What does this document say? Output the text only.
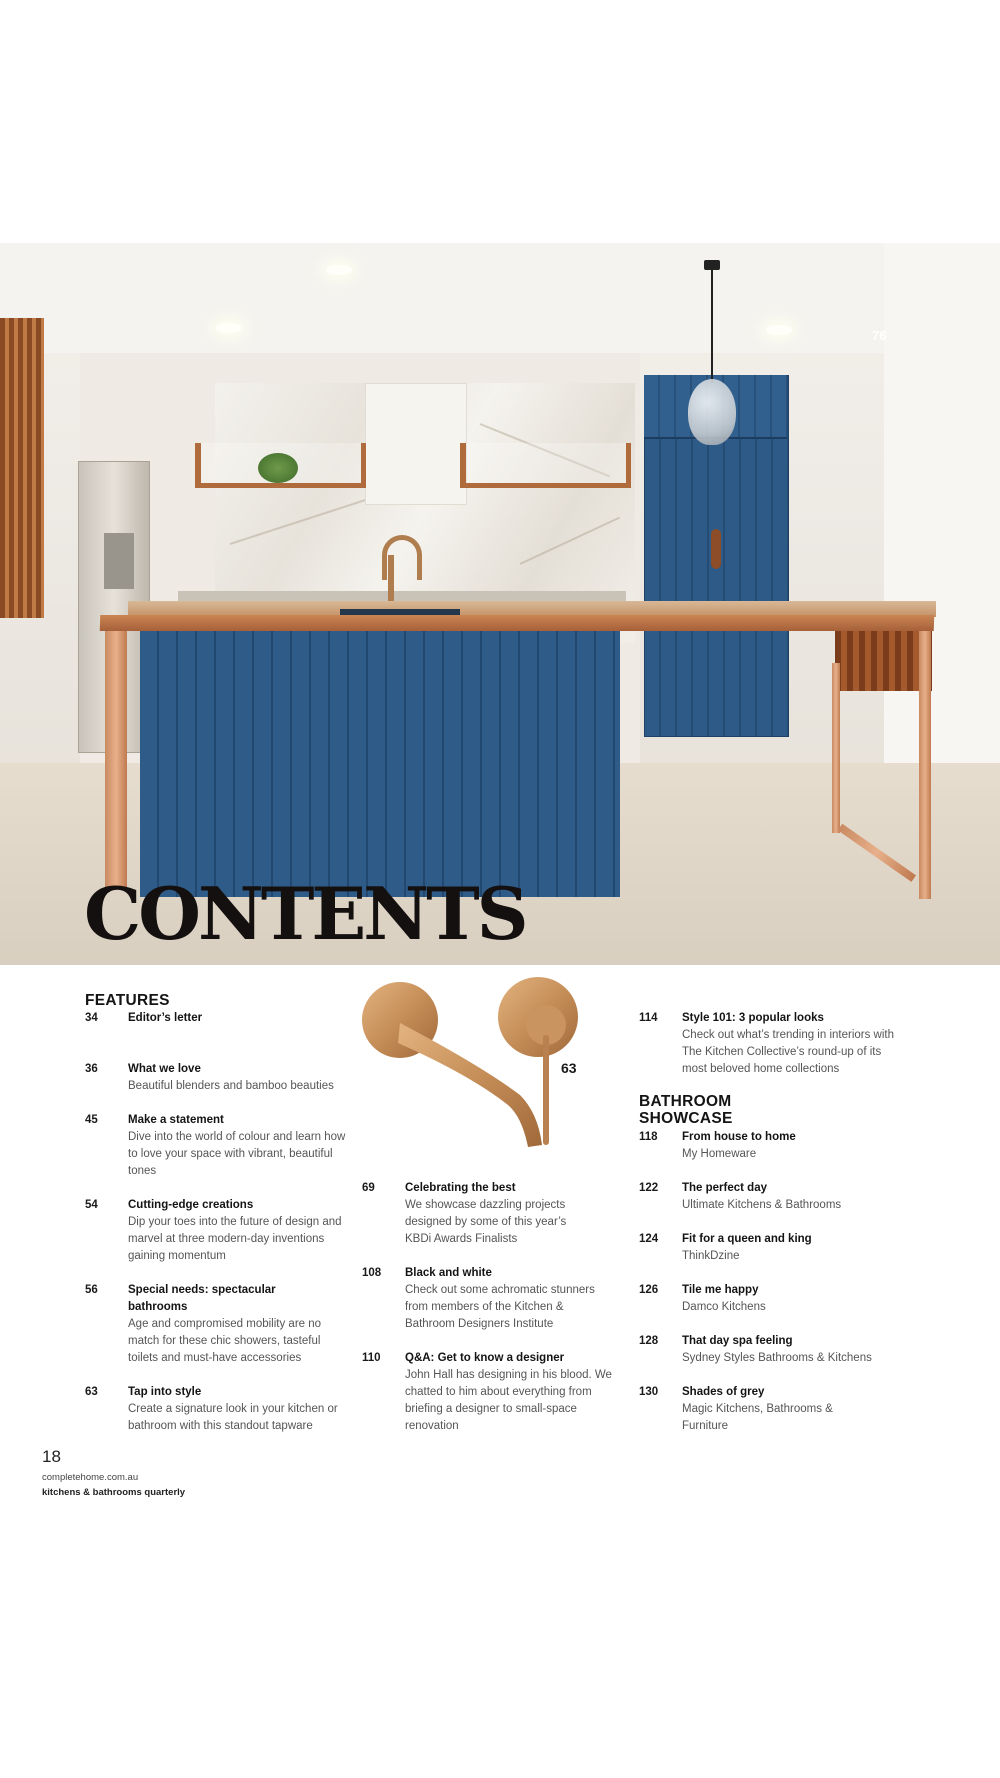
76
CONTENTS
63
FEATURES
34	Editor’s letter
36	What we love
Beautiful blenders and bamboo beauties
45	Make a statement
Dive into the world of colour and learn how to love your space with vibrant, beautiful tones
54	Cutting-edge creations
Dip your toes into the future of design and marvel at three modern-day inventions gaining momentum
56	Special needs: spectacular bathrooms
Age and compromised mobility are no match for these chic showers, tasteful toilets and must-have accessories
63	Tap into style
Create a signature look in your kitchen or bathroom with this standout tapware
69	Celebrating the best
We showcase dazzling projects designed by some of this year’s KBDi Awards Finalists
108 Black and white
Check out some achromatic stunners from members of the Kitchen & Bathroom Designers Institute
110 Q&A: Get to know a designer
John Hall has designing in his blood. We chatted to him about everything from briefing a designer to small-space renovation
114 Style 101: 3 popular looks
Check out what’s trending in interiors with The Kitchen Collective’s round-up of its most beloved home collections
BATHROOM SHOWCASE
118 From house to home
My Homeware
122 The perfect day
Ultimate Kitchens & Bathrooms
124 Fit for a queen and king
ThinkDzine
126 Tile me happy
Damco Kitchens
128 That day spa feeling
Sydney Styles Bathrooms & Kitchens
130 Shades of grey
Magic Kitchens, Bathrooms & Furniture
18
completehome.com.au
kitchens & bathrooms quarterly
